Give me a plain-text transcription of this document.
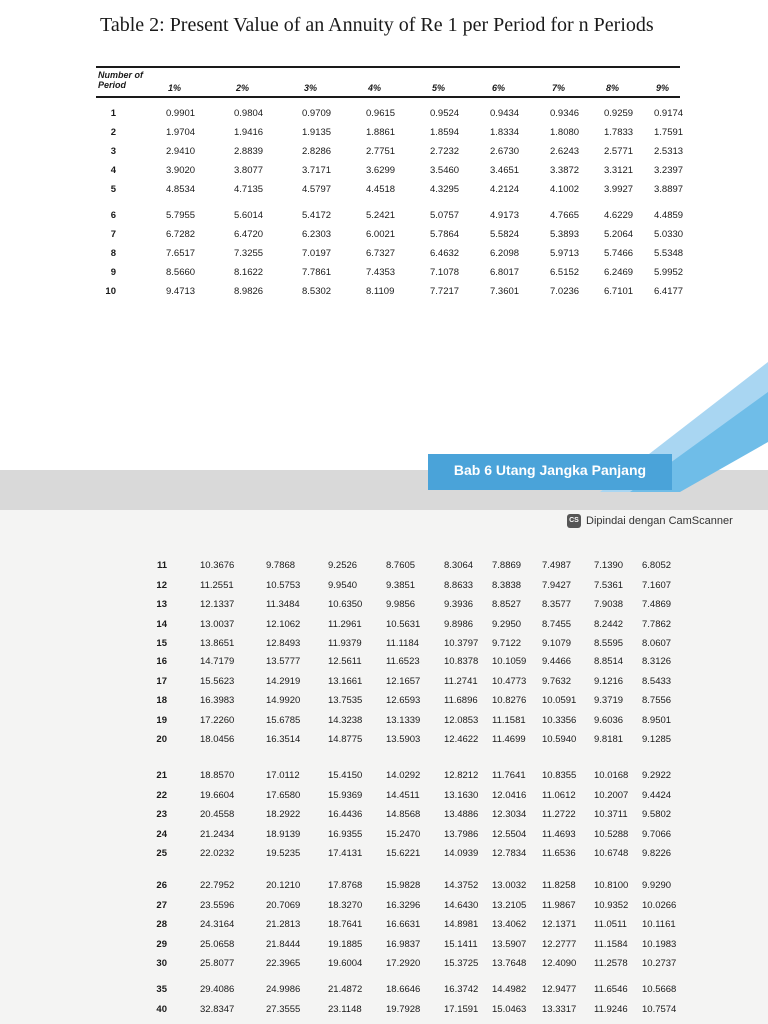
Table 2: Present Value of an Annuity of Re 1 per Period for n Periods
Number of Period	1%	2%	3%	4%	5%	6%	7%	8%	9%
1	0.9901	0.9804	0.9709	0.9615	0.9524	0.9434	0.9346	0.9259 0.9174
2	1.9704	1.9416	1.9135	1.8861	1.8594	1.8334	1.8080	1.7833 1.7591
3	2.9410	2.8839	2.8286	2.7751	2.7232	2.6730	2.6243	2.5771 2.5313
4	3.9020	3.8077	3.7171	3.6299	3.5460	3.4651	3.3872	3.3121 3.2397
5	4.8534	4.7135	4.5797	4.4518	4.3295	4.2124	4.1002	3.9927 3.8897
6	5.7955	5.6014	5.4172	5.2421	5.0757	4.9173	4.7665	4.6229 4.4859
7	6.7282	6.4720	6.2303	6.0021	5.7864	5.5824	5.3893	5.2064 5.0330
8	7.6517	7.3255	7.0197	6.7327	6.4632	6.2098	5.9713	5.7466 5.5348
9	8.5660	8.1622	7.7861	7.4353	7.1078	6.8017	6.5152	6.2469 5.9952
10	9.4713	8.9826	8.5302	8.1109	7.7217	7.3601	7.0236	6.7101 6.4177
Bab 6 Utang Jangka Panjang
CS Dipindai dengan CamScanner
11	10.3676	9.7868	9.2526	8.7605	8.3064 7.8869 7.4987 7.1390 6.8052
12	11.2551	10.5753	9.9540	9.3851	8.8633 8.3838 7.9427 7.5361 7.1607
13	12.1337	11.3484	10.6350 9.9856	9.3936 8.8527 8.3577 7.9038 7.4869
14	13.0037	12.1062	11.2961	10.5631 9.8986 9.2950 8.7455 8.2442 7.7862
15	13.8651	12.8493	11.9379	11.1184	10.3797 9.7122 9.1079 8.5595 8.0607
16	14.7179	13.5777	12.5611	11.6523	10.8378 10.1059 9.4466 8.8514 8.3126
17	15.5623	14.2919	13.1661 12.1657 11.2741 10.4773 9.7632 9.1216 8.5433
18	16.3983	14.9920	13.7535 12.6593 11.6896 10.8276 10.0591 9.3719 8.7556
19	17.2260	15.6785	14.3238 13.1339 12.0853 11.1581 10.3356 9.6036 8.9501
20	18.0456	16.3514	14.8775 13.5903 12.4622 11.4699 10.5940 9.8181 9.1285
21	18.8570	17.0112	15.4150 14.0292 12.8212 11.7641 10.8355 10.0168 9.2922
22	19.6604	17.6580	15.9369 14.4511	13.1630 12.0416 11.0612 10.2007 9.4424
23	20.4558	18.2922	16.4436 14.8568 13.4886 12.3034 11.2722 10.3711 9.5802
24	21.2434	18.9139	16.9355 15.2470 13.7986 12.5504 11.4693 10.5288 9.7066
25	22.0232	19.5235	17.4131 15.6221 14.0939 12.7834 11.6536 10.6748 9.8226
26	22.7952	20.1210	17.8768 15.9828 14.3752 13.0032 11.8258 10.8100 9.9290
27	23.5596	20.7069	18.3270 16.3296 14.6430 13.2105 11.9867 10.9352 10.0266
28	24.3164	21.2813	18.7641 16.6631 14.8981 13.4062 12.1371 11.0511 10.1161
29	25.0658	21.8444	19.1885 16.9837 15.1411 13.5907 12.2777 11.1584 10.1983
30	25.8077	22.3965	19.6004 17.2920 15.3725 13.7648 12.4090 11.2578 10.2737
35	29.4086	24.9986	21.4872 18.6646 16.3742 14.4982 12.9477 11.6546 10.5668
40	32.8347	27.3555	23.1148	19.7928 17.1591 15.0463 13.3317 11.9246 10.7574
